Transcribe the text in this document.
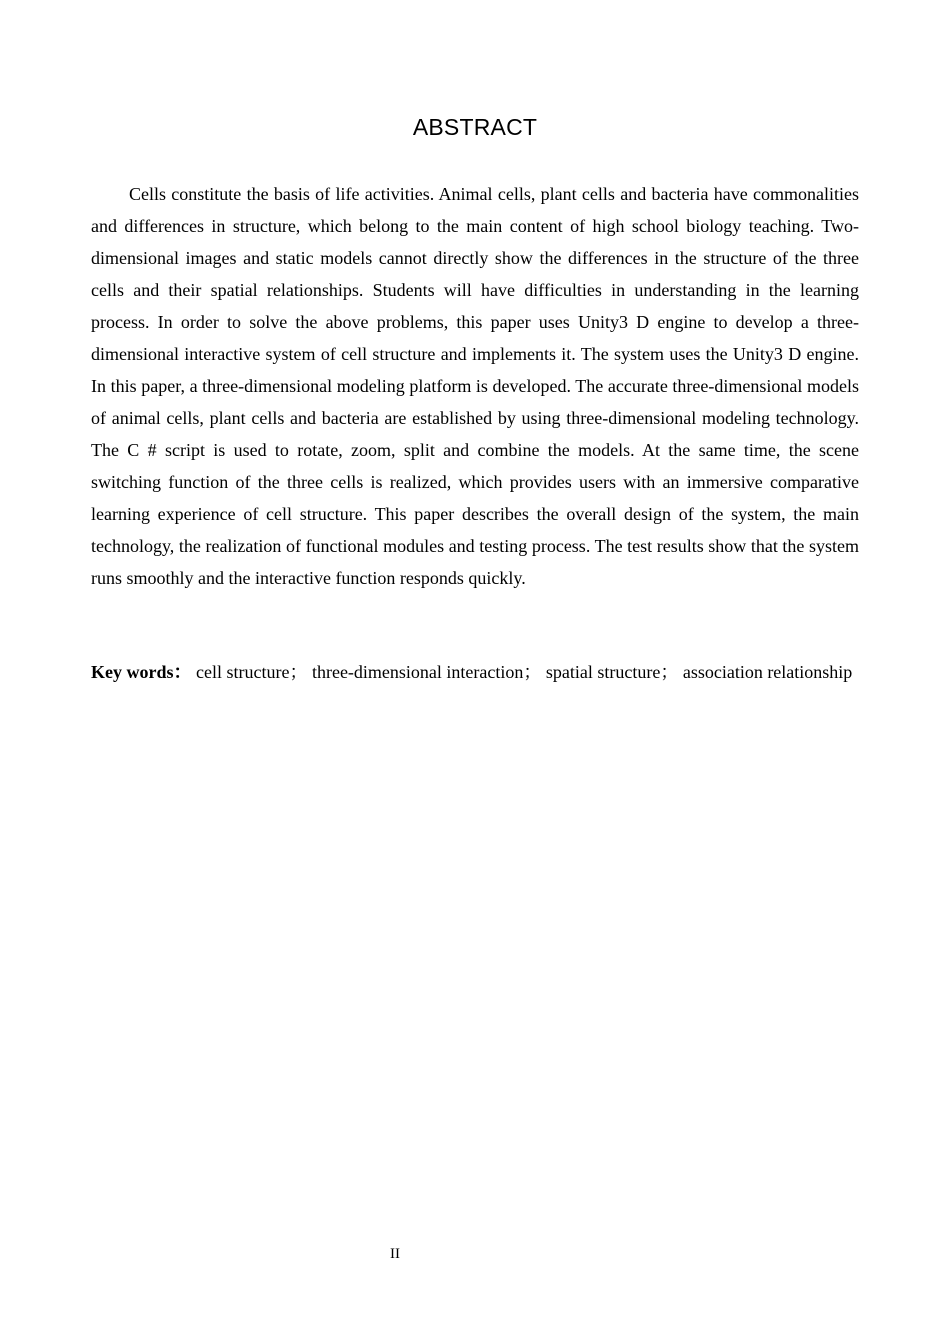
ABSTRACT

Cells constitute the basis of life activities. Animal cells, plant cells and bacteria have commonalities and differences in structure, which belong to the main content of high school biology teaching. Two-dimensional images and static models cannot directly show the differences in the structure of the three cells and their spatial relationships. Students will have difficulties in understanding in the learning process. In order to solve the above problems, this paper uses Unity3 D engine to develop a three-dimensional interactive system of cell structure and implements it. The system uses the Unity3 D engine. In this paper, a three-dimensional modeling platform is developed. The accurate three-dimensional models of animal cells, plant cells and bacteria are established by using three-dimensional modeling technology. The C # script is used to rotate, zoom, split and combine the models. At the same time, the scene switching function of the three cells is realized, which provides users with an immersive comparative learning experience of cell structure. This paper describes the overall design of the system, the main technology, the realization of functional modules and testing process. The test results show that the system runs smoothly and the interactive function responds quickly.

Key words： cell structure； three-dimensional interaction； spatial structure； association relationship

II
